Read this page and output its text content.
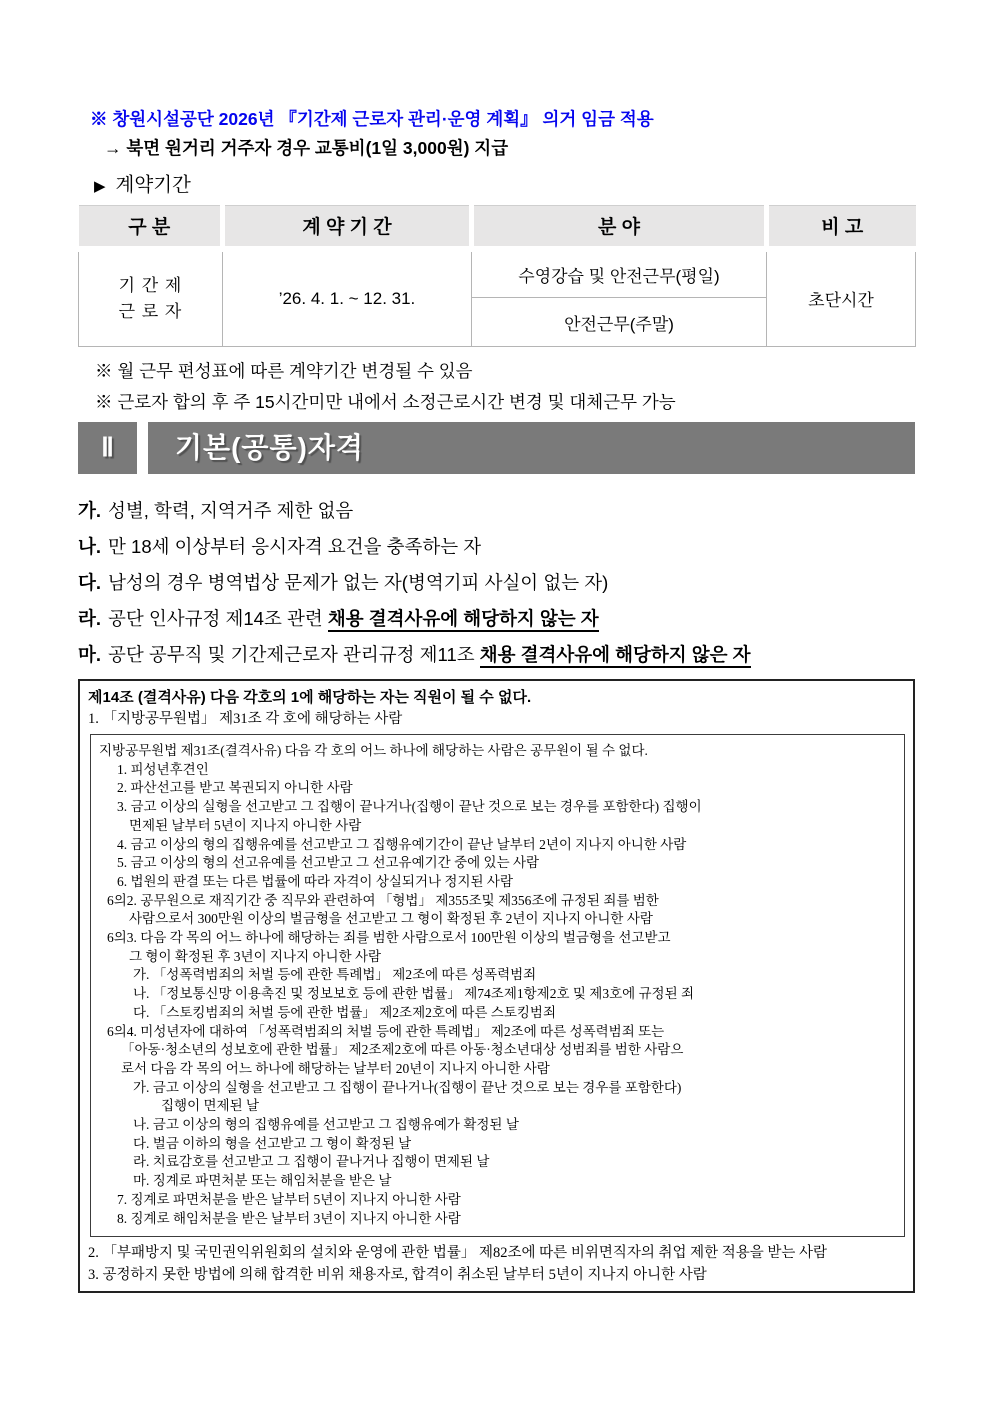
※ 창원시설공단 2026년 『기간제 근로자 관리·운영 계획』 의거 임금 적용
→ 북면 원거리 거주자 경우 교통비(1일 3,000원) 지급
▶ 계약기간
구 분	계 약 기 간	분 야	비 고

기 간 제
근 로 자	’26. 4. 1. ~ 12. 31.	수영강습 및 안전근무(평일)	초단시간
		안전근무(주말)	
※ 월 근무 편성표에 따른 계약기간 변경될 수 있음
※ 근로자 합의 후 주 15시간미만 내에서 소정근로시간 변경 및 대체근무 가능
Ⅱ	기본(공통)자격
가. 성별, 학력, 지역거주 제한 없음
나. 만 18세 이상부터 응시자격 요건을 충족하는 자
다. 남성의 경우 병역법상 문제가 없는 자(병역기피 사실이 없는 자)
라. 공단 인사규정 제14조 관련 채용 결격사유에 해당하지 않는 자
마. 공단 공무직 및 기간제근로자 관리규정 제11조 채용 결격사유에 해당하지 않은 자
제14조 (결격사유) 다음 각호의 1에 해당하는 자는 직원이 될 수 없다.
1. 「지방공무원법」 제31조 각 호에 해당하는 사람
지방공무원법 제31조(결격사유) 다음 각 호의 어느 하나에 해당하는 사람은 공무원이 될 수 없다.
1. 피성년후견인
2. 파산선고를 받고 복권되지 아니한 사람
3. 금고 이상의 실형을 선고받고 그 집행이 끝나거나(집행이 끝난 것으로 보는 경우를 포함한다) 집행이
면제된 날부터 5년이 지나지 아니한 사람
4. 금고 이상의 형의 집행유예를 선고받고 그 집행유예기간이 끝난 날부터 2년이 지나지 아니한 사람
5. 금고 이상의 형의 선고유예를 선고받고 그 선고유예기간 중에 있는 사람
6. 법원의 판결 또는 다른 법률에 따라 자격이 상실되거나 정지된 사람
6의2. 공무원으로 재직기간 중 직무와 관련하여 「형법」 제355조및 제356조에 규정된 죄를 범한
사람으로서 300만원 이상의 벌금형을 선고받고 그 형이 확정된 후 2년이 지나지 아니한 사람
6의3. 다음 각 목의 어느 하나에 해당하는 죄를 범한 사람으로서 100만원 이상의 벌금형을 선고받고
그 형이 확정된 후 3년이 지나지 아니한 사람
가. 「성폭력범죄의 처벌 등에 관한 특례법」 제2조에 따른 성폭력범죄
나. 「정보통신망 이용촉진 및 정보보호 등에 관한 법률」 제74조제1항제2호 및 제3호에 규정된 죄
다. 「스토킹범죄의 처벌 등에 관한 법률」 제2조제2호에 따른 스토킹범죄
6의4. 미성년자에 대하여 「성폭력범죄의 처벌 등에 관한 특례법」 제2조에 따른 성폭력범죄 또는
「아동·청소년의 성보호에 관한 법률」 제2조제2호에 따른 아동·청소년대상 성범죄를 범한 사람으
로서 다음 각 목의 어느 하나에 해당하는 날부터 20년이 지나지 아니한 사람
가. 금고 이상의 실형을 선고받고 그 집행이 끝나거나(집행이 끝난 것으로 보는 경우를 포함한다)
집행이 면제된 날
나. 금고 이상의 형의 집행유예를 선고받고 그 집행유예가 확정된 날
다. 벌금 이하의 형을 선고받고 그 형이 확정된 날
라. 치료감호를 선고받고 그 집행이 끝나거나 집행이 면제된 날
마. 징계로 파면처분 또는 해임처분을 받은 날
7. 징계로 파면처분을 받은 날부터 5년이 지나지 아니한 사람
8. 징계로 해임처분을 받은 날부터 3년이 지나지 아니한 사람
2. 「부패방지 및 국민권익위원회의 설치와 운영에 관한 법률」 제82조에 따른 비위면직자의 취업 제한 적용을 받는 사람
3. 공정하지 못한 방법에 의해 합격한 비위 채용자로, 합격이 취소된 날부터 5년이 지나지 아니한 사람
